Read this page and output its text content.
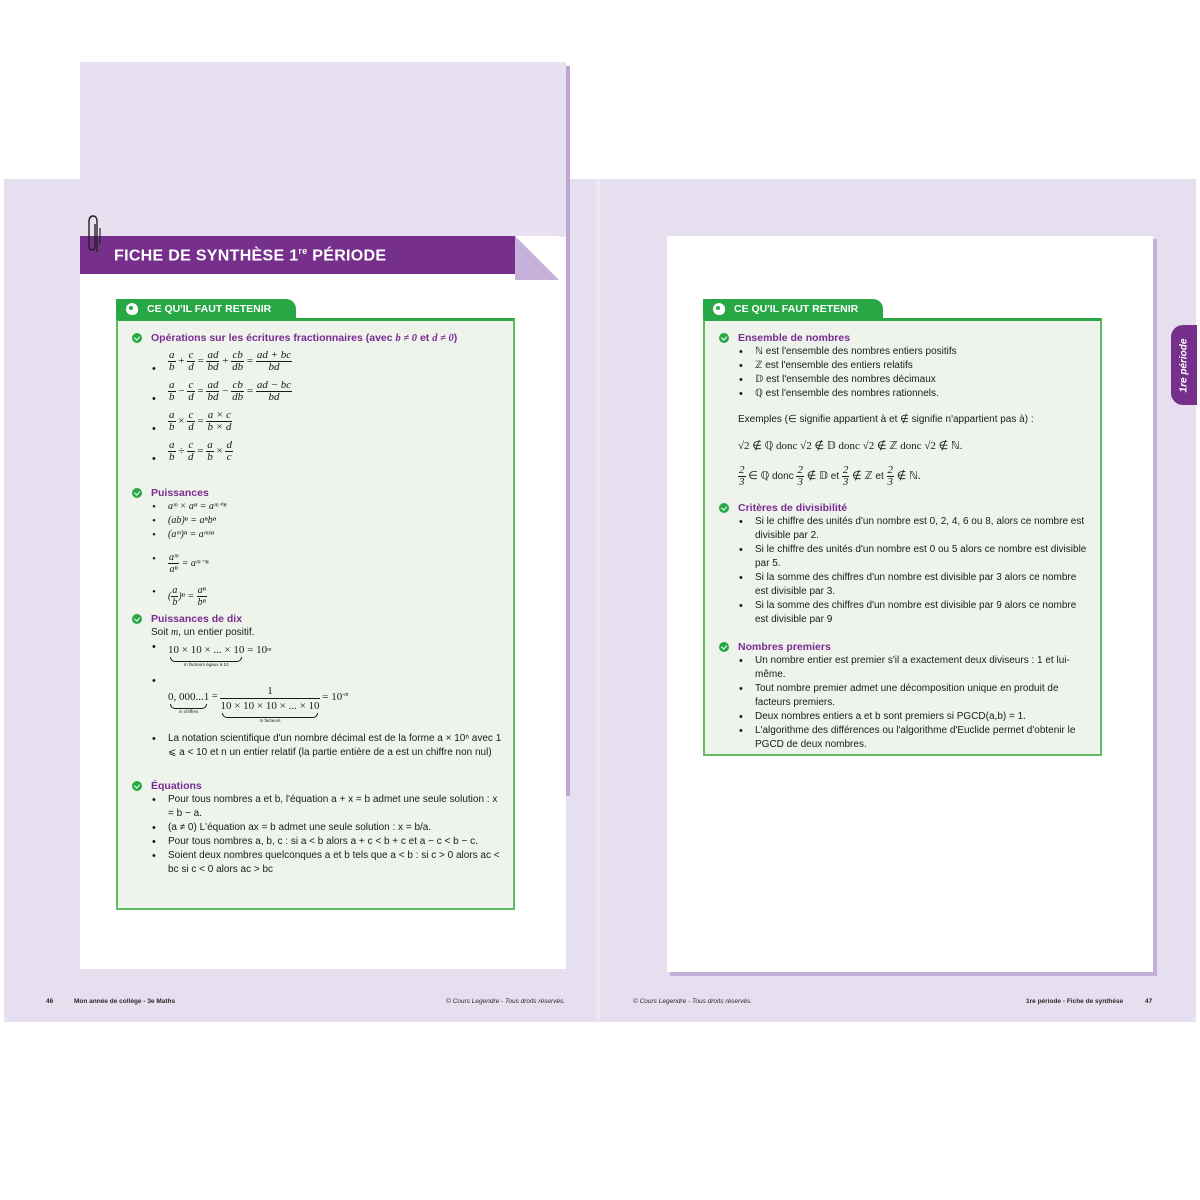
FICHE DE SYNTHÈSE 1re PÉRIODE
CE QU'IL FAUT RETENIR
Opérations sur les écritures fractionnaires (avec b ≠ 0 et d ≠ 0)
• $\frac{a}{b} + \frac{c}{d} = \frac{ad}{bd} + \frac{cb}{db} = \frac{ad + bc}{bd}$
• $\frac{a}{b} - \frac{c}{d} = \frac{ad}{bd} - \frac{cb}{db} = \frac{ad - bc}{bd}$
• $\frac{a}{b} \times \frac{c}{d} = \frac{a \times c}{b \times d}$
• $\frac{a}{b} \div \frac{c}{d} = \frac{a}{b} \times \frac{d}{c}$
Puissances
• aᵐ × aⁿ = aᵐ⁺ⁿ
• (ab)ⁿ = aⁿbⁿ
• (aᵐ)ⁿ = aᵐˣⁿ
• $\frac{\text{aᵐ}}{\text{aⁿ}}$ = aᵐ⁻ⁿ
• ( $\frac{a}{b} )^n = \frac{\text{aⁿ}}{\text{bⁿ}}$
Puissances de dix
Soit m, un entier positif.
• 10 × 10 × ... × 10
m facteurs égaux à 10
= $10^m$
• 0, 000...1
m chiffres
=	1
10 × 10 × 10 × ... × 10
m facteurs
= $10^{-m}$
• La notation scientifique d'un nombre décimal est de la forme a × 10ⁿ avec 1 ⩽ a < 10 et n un entier relatif (la partie entière de a est un chiffre non nul)
Équations
• Pour tous nombres a et b, l'équation a + x = b admet une seule solution : x = b − a.
• (a ≠ 0) L'équation ax = b admet une seule solution : x = b/a.
• Pour tous nombres a, b, c : si a < b alors a + c < b + c et a − c < b − c.
• Soient deux nombres quelconques a et b tels que a < b : si c > 0 alors ac < bc si c < 0 alors ac > bc
46	Mon année de collège - 3e Maths	© Cours Legendre - Tous droits réservés.
1re période
CE QU'IL FAUT RETENIR
Ensemble de nombres
• ℕ est l'ensemble des nombres entiers positifs
• ℤ est l'ensemble des entiers relatifs
• 𝔻 est l'ensemble des nombres décimaux
• ℚ est l'ensemble des nombres rationnels.
Exemples (∈ signifie appartient à et ∉ signifie n'appartient pas à) :
√2 ∉ ℚ donc √2 ∉ 𝔻 donc √2 ∉ ℤ donc √2 ∉ ℕ.
$\frac{2}{3}$ ∈ ℚ donc $\frac{2}{3}$ ∉ 𝔻 et $\frac{2}{3}$ ∉ ℤ et $\frac{2}{3}$ ∉ ℕ.
Critères de divisibilité
• Si le chiffre des unités d'un nombre est 0, 2, 4, 6 ou 8, alors ce nombre est divisible par 2.
• Si le chiffre des unités d'un nombre est 0 ou 5 alors ce nombre est divisible par 5.
• Si la somme des chiffres d'un nombre est divisible par 3 alors ce nombre est divisible par 3.
• Si la somme des chiffres d'un nombre est divisible par 9 alors ce nombre est divisible par 9
Nombres premiers
• Un nombre entier est premier s'il a exactement deux diviseurs : 1 et lui-même.
• Tout nombre premier admet une décomposition unique en produit de facteurs premiers.
• Deux nombres entiers a et b sont premiers si PGCD(a,b) = 1.
• L'algorithme des différences ou l'algorithme d'Euclide permet d'obtenir le PGCD de deux nombres.
© Cours Legendre - Tous droits réservés.	1re période - Fiche de synthèse	47
